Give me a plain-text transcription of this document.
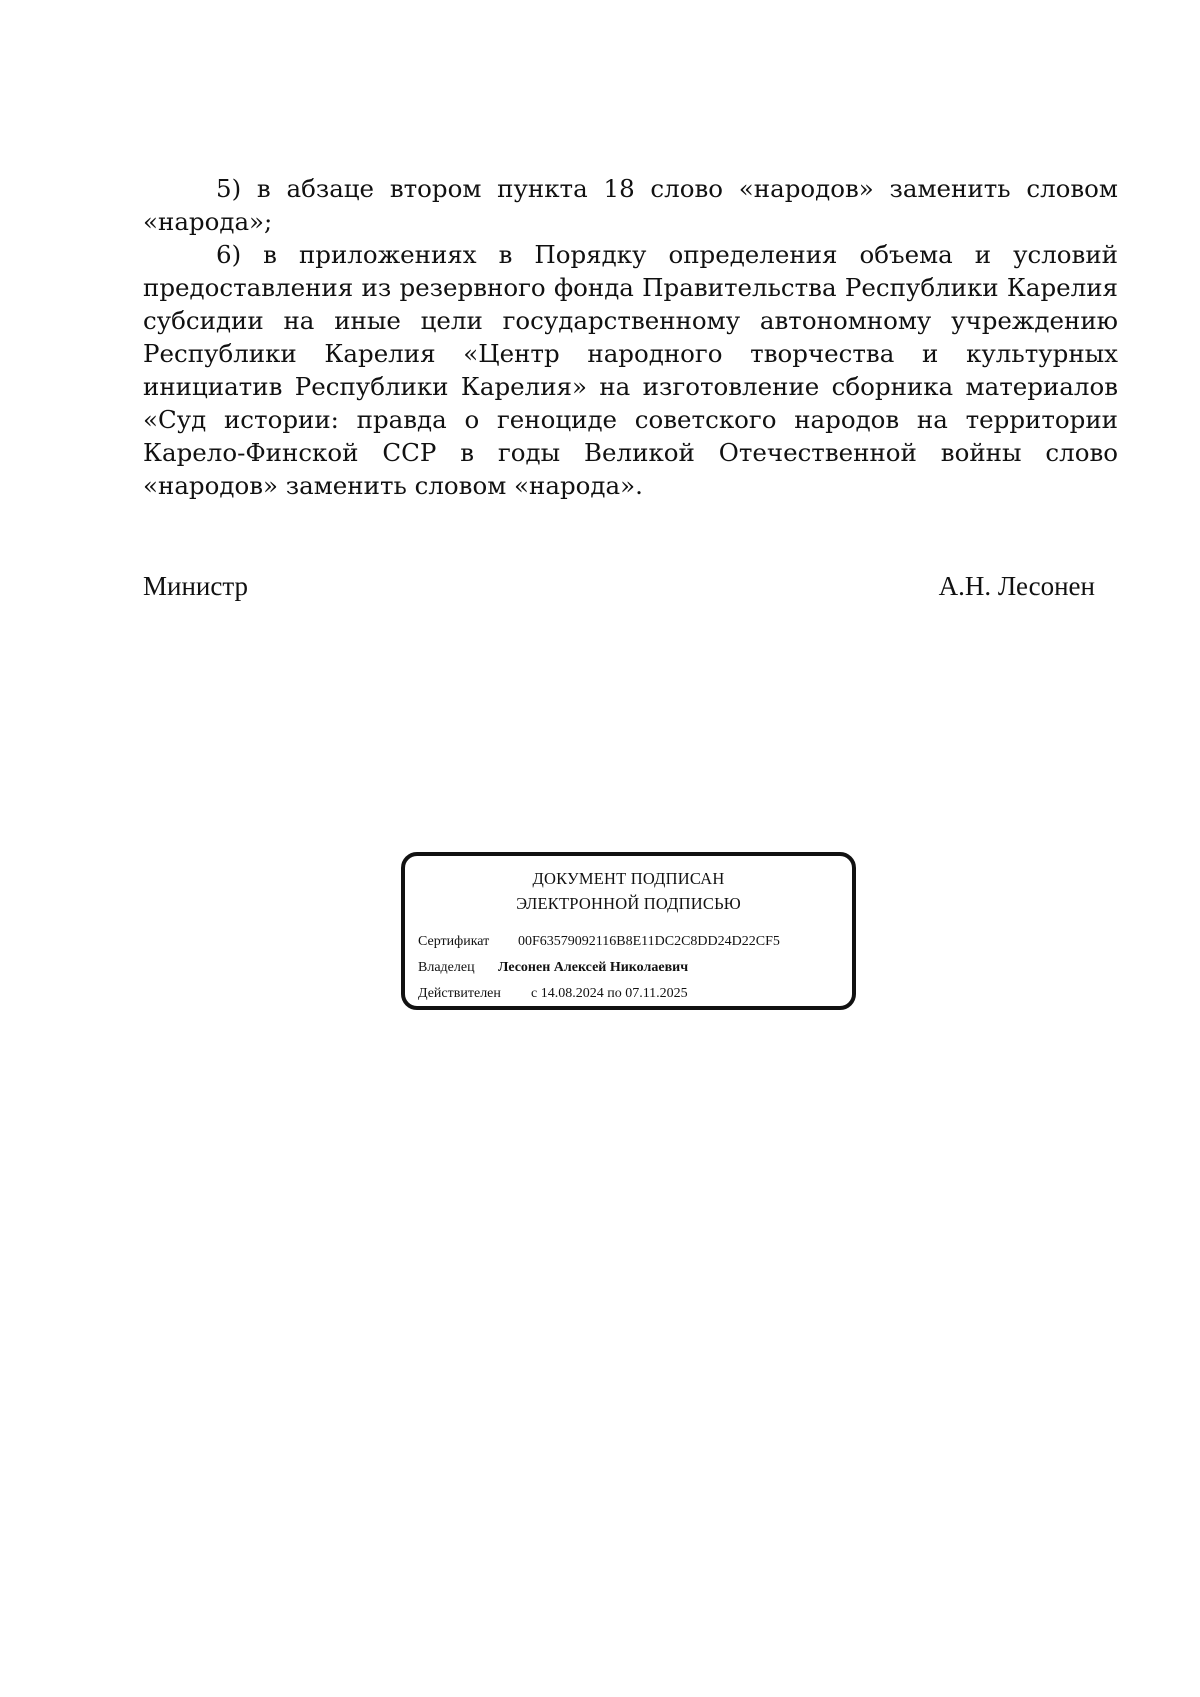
5) в абзаце втором пункта 18 слово «народов» заменить словом «народа»;

6) в приложениях в Порядку определения объема и условий предоставления из резервного фонда Правительства Республики Карелия субсидии на иные цели государственному автономному учреждению Республики Карелия «Центр народного творчества и культурных инициатив Республики Карелия» на изготовление сборника материалов «Суд истории: правда о геноциде советского народов на территории Карело-Финской ССР в годы Великой Отечественной войны слово «народов» заменить словом «народа».

Министр	А.Н. Лесонен
ДОКУМЕНТ ПОДПИСАН
ЭЛЕКТРОННОЙ ПОДПИСЬЮ
Сертификат 00F63579092116B8E11DC2C8DD24D22CF5
Владелец Лесонен Алексей Николаевич
Действителен с 14.08.2024 по 07.11.2025
